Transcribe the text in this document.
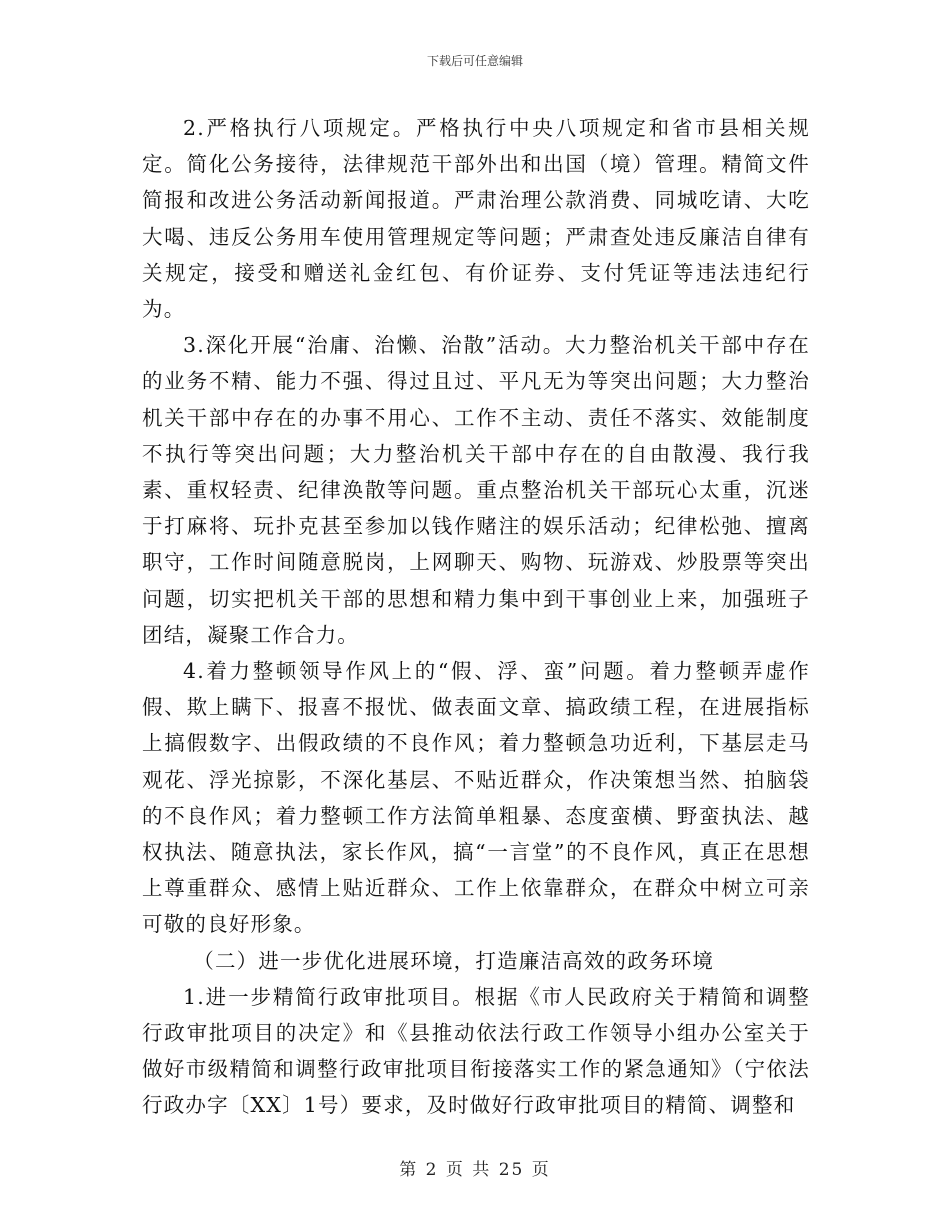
下载后可任意编辑

2.严格执行八项规定。严格执行中央八项规定和省市县相关规定。简化公务接待，法律规范干部外出和出国（境）管理。精简文件简报和改进公务活动新闻报道。严肃治理公款消费、同城吃请、大吃大喝、违反公务用车使用管理规定等问题；严肃查处违反廉洁自律有关规定，接受和赠送礼金红包、有价证券、支付凭证等违法违纪行为。

3.深化开展“治庸、治懒、治散”活动。大力整治机关干部中存在的业务不精、能力不强、得过且过、平凡无为等突出问题；大力整治机关干部中存在的办事不用心、工作不主动、责任不落实、效能制度不执行等突出问题；大力整治机关干部中存在的自由散漫、我行我素、重权轻责、纪律涣散等问题。重点整治机关干部玩心太重，沉迷于打麻将、玩扑克甚至参加以钱作赌注的娱乐活动；纪律松弛、擅离职守，工作时间随意脱岗，上网聊天、购物、玩游戏、炒股票等突出问题，切实把机关干部的思想和精力集中到干事创业上来，加强班子团结，凝聚工作合力。

4.着力整顿领导作风上的“假、浮、蛮”问题。着力整顿弄虚作假、欺上瞒下、报喜不报忧、做表面文章、搞政绩工程，在进展指标上搞假数字、出假政绩的不良作风；着力整顿急功近利，下基层走马观花、浮光掠影，不深化基层、不贴近群众，作决策想当然、拍脑袋的不良作风；着力整顿工作方法简单粗暴、态度蛮横、野蛮执法、越权执法、随意执法，家长作风，搞“一言堂”的不良作风，真正在思想上尊重群众、感情上贴近群众、工作上依靠群众，在群众中树立可亲可敬的良好形象。

（二）进一步优化进展环境，打造廉洁高效的政务环境

1.进一步精简行政审批项目。根据《市人民政府关于精简和调整行政审批项目的决定》和《县推动依法行政工作领导小组办公室关于做好市级精简和调整行政审批项目衔接落实工作的紧急通知》（宁依法行政办字〔XX〕1号）要求，及时做好行政审批项目的精简、调整和

第 2 页 共 25 页
